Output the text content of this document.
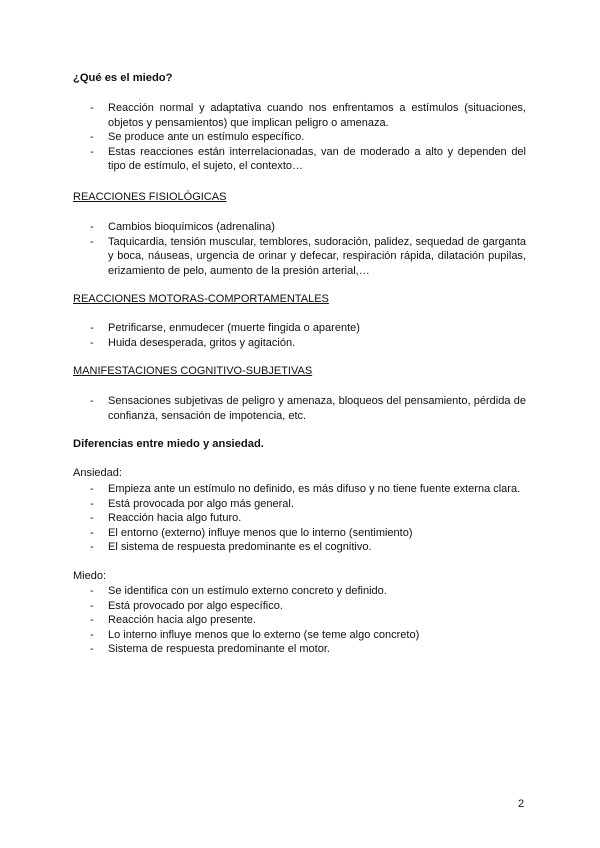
¿Qué es el miedo?
- Reacción normal y adaptativa cuando nos enfrentamos a estímulos (situaciones, objetos y pensamientos) que implican peligro o amenaza.
- Se produce ante un estímulo específico.
- Estas reacciones están interrelacionadas, van de moderado a alto y dependen del tipo de estímulo, el sujeto, el contexto…
REACCIONES FISIOLÓGICAS
- Cambios bioquímicos (adrenalina)
- Taquicardia, tensión muscular, temblores, sudoración, palidez, sequedad de garganta y boca, náuseas, urgencia de orinar y defecar, respiración rápida, dilatación pupilas, erizamiento de pelo, aumento de la presión arterial,…
REACCIONES MOTORAS-COMPORTAMENTALES
- Petrificarse, enmudecer (muerte fingida o aparente)
- Huida desesperada, gritos y agitación.
MANIFESTACIONES COGNITIVO-SUBJETIVAS
- Sensaciones subjetivas de peligro y amenaza, bloqueos del pensamiento, pérdida de confianza, sensación de impotencia, etc.
Diferencias entre miedo y ansiedad.
Ansiedad:
- Empieza ante un estímulo no definido, es más difuso y no tiene fuente externa clara.
- Está provocada por algo más general.
- Reacción hacia algo futuro.
- El entorno (externo) influye menos que lo interno (sentimiento)
- El sistema de respuesta predominante es el cognitivo.
Miedo:
- Se identifica con un estímulo externo concreto y definido.
- Está provocado por algo específico.
- Reacción hacia algo presente.
- Lo interno influye menos que lo externo (se teme algo concreto)
- Sistema de respuesta predominante el motor.
2
